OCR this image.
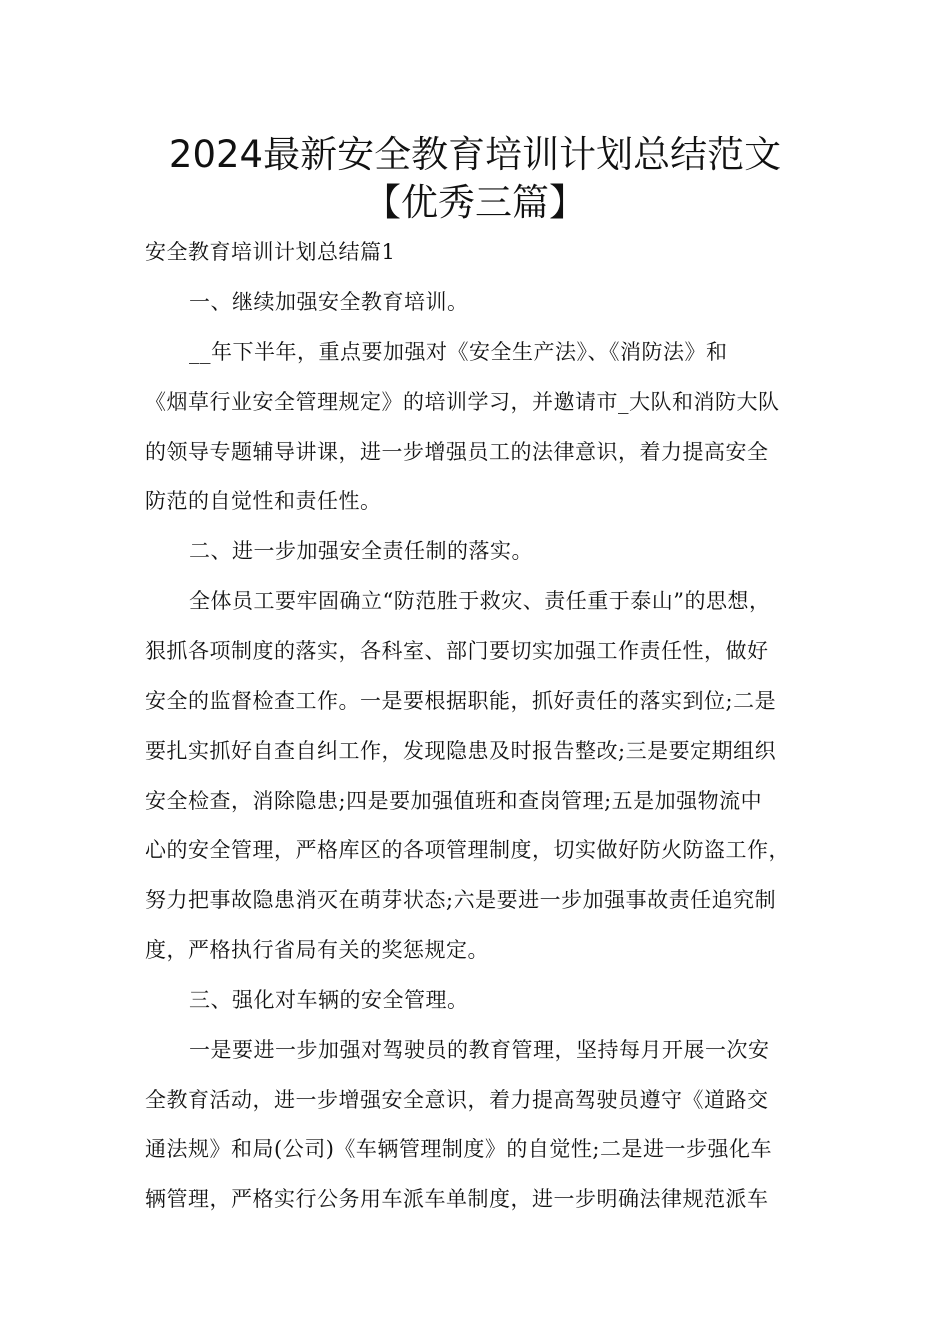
2024最新安全教育培训计划总结范文
【优秀三篇】
安全教育培训计划总结篇1
一、继续加强安全教育培训。
__年下半年，重点要加强对《安全生产法》、《消防法》和
《烟草行业安全管理规定》的培训学习，并邀请市_大队和消防大队
的领导专题辅导讲课，进一步增强员工的法律意识，着力提高安全
防范的自觉性和责任性。
二、进一步加强安全责任制的落实。
全体员工要牢固确立“防范胜于救灾、责任重于泰山”的思想，
狠抓各项制度的落实，各科室、部门要切实加强工作责任性，做好
安全的监督检查工作。一是要根据职能，抓好责任的落实到位;二是
要扎实抓好自查自纠工作，发现隐患及时报告整改;三是要定期组织
安全检查，消除隐患;四是要加强值班和查岗管理;五是加强物流中
心的安全管理，严格库区的各项管理制度，切实做好防火防盗工作，
努力把事故隐患消灭在萌芽状态;六是要进一步加强事故责任追究制
度，严格执行省局有关的奖惩规定。
三、强化对车辆的安全管理。
一是要进一步加强对驾驶员的教育管理，坚持每月开展一次安
全教育活动，进一步增强安全意识，着力提高驾驶员遵守《道路交
通法规》和局(公司)《车辆管理制度》的自觉性;二是进一步强化车
辆管理，严格实行公务用车派车单制度，进一步明确法律规范派车
